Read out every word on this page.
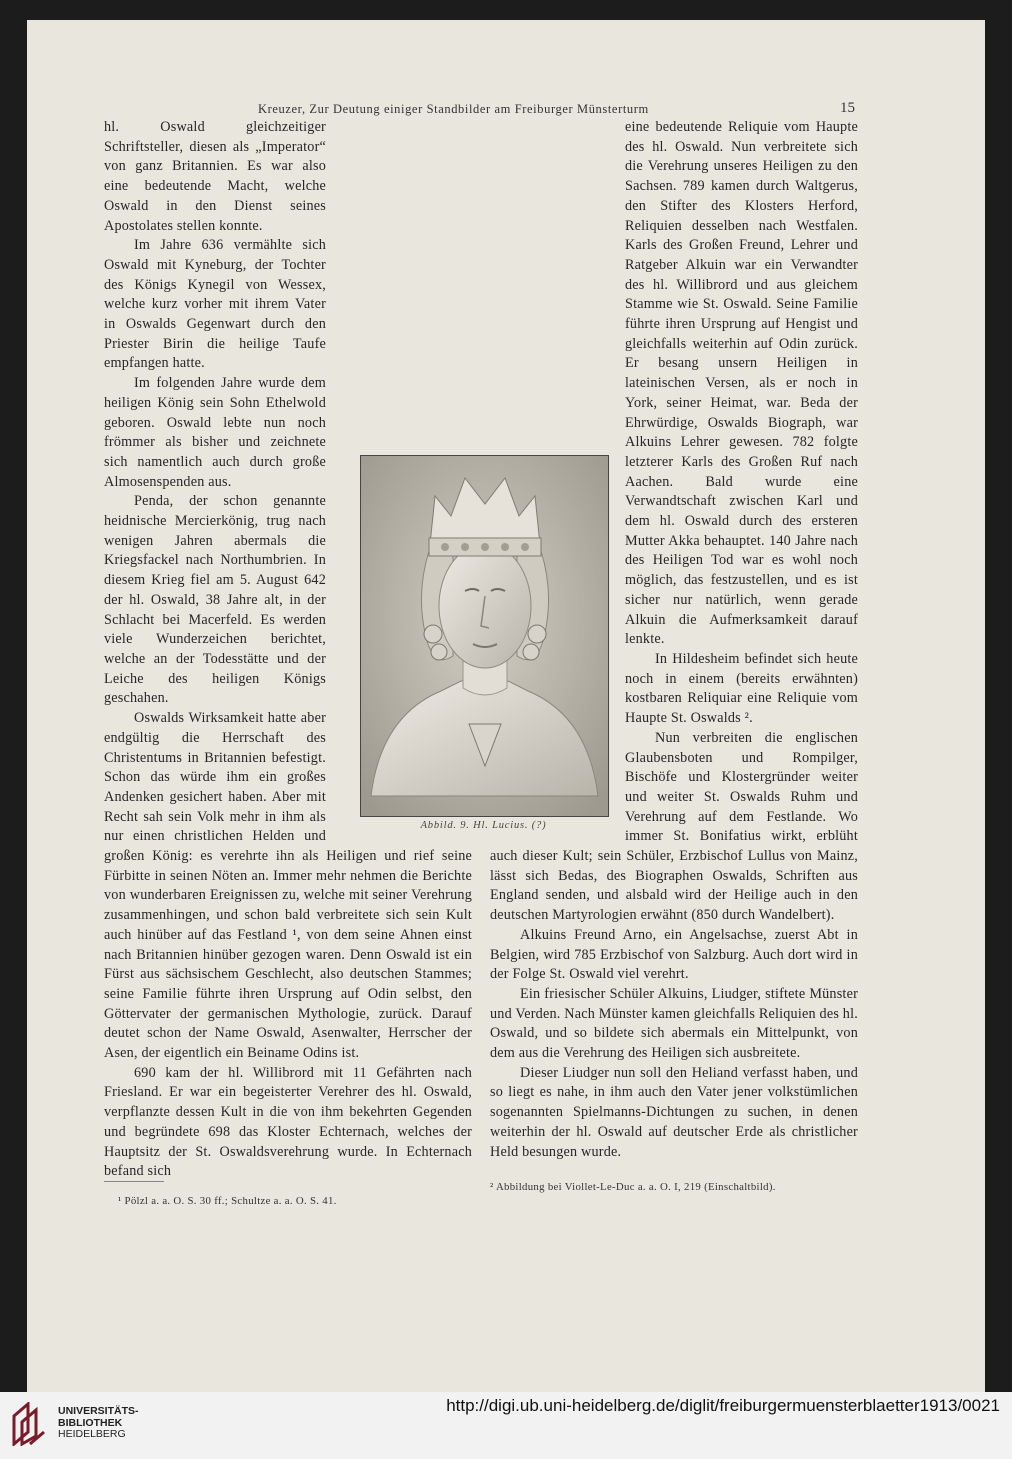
Kreuzer, Zur Deutung einiger Standbilder am Freiburger Münsterturm	15

hl. Oswald gleichzeitiger Schriftsteller, diesen als „Imperator“ von ganz Britannien. Es war also eine bedeutende Macht, welche Oswald in den Dienst seines Apostolates stellen konnte.

Im Jahre 636 vermählte sich Oswald mit Kyneburg, der Tochter des Königs Kynegil von Wessex, welche kurz vorher mit ihrem Vater in Oswalds Gegenwart durch den Priester Birin die heilige Taufe empfangen hatte.

Im folgenden Jahre wurde dem heiligen König sein Sohn Ethelwold geboren. Oswald lebte nun noch frömmer als bisher und zeichnete sich namentlich auch durch große Almosenspenden aus.

Penda, der schon genannte heidnische Mercierkönig, trug nach wenigen Jahren abermals die Kriegsfackel nach Northumbrien. In diesem Krieg fiel am 5. August 642 der hl. Oswald, 38 Jahre alt, in der Schlacht bei Macerfeld. Es werden viele Wunderzeichen berichtet, welche an der Todesstätte und der Leiche des heiligen Königs geschahen.

Oswalds Wirksamkeit hatte aber endgültig die Herrschaft des Christentums in Britannien befestigt. Schon das würde ihm ein großes Andenken gesichert haben. Aber mit Recht sah sein Volk mehr in ihm als nur einen christlichen Helden und großen König: es verehrte ihn als Heiligen und rief seine Fürbitte in seinen Nöten an. Immer mehr nehmen die Berichte von wunderbaren Ereignissen zu, welche mit seiner Verehrung zusammenhingen, und schon bald verbreitete sich sein Kult auch hinüber auf das Festland ¹, von dem seine Ahnen einst nach Britannien hinüber gezogen waren. Denn Oswald ist ein Fürst aus sächsischem Geschlecht, also deutschen Stammes; seine Familie führte ihren Ursprung auf Odin selbst, den Göttervater der germanischen Mythologie, zurück. Darauf deutet schon der Name Oswald, Asenwalter, Herrscher der Asen, der eigentlich ein Beiname Odins ist.

690 kam der hl. Willibrord mit 11 Gefährten nach Friesland. Er war ein begeisterter Verehrer des hl. Oswald, verpflanzte dessen Kult in die von ihm bekehrten Gegenden und begründete 698 das Kloster Echternach, welches der Hauptsitz der St. Oswaldsverehrung wurde. In Echternach befand sich

eine bedeutende Reliquie vom Haupte des hl. Oswald. Nun verbreitete sich die Verehrung unseres Heiligen zu den Sachsen. 789 kamen durch Waltgerus, den Stifter des Klosters Herford, Reliquien desselben nach Westfalen. Karls des Großen Freund, Lehrer und Ratgeber Alkuin war ein Verwandter des hl. Willibrord und aus gleichem Stamme wie St. Oswald. Seine Familie führte ihren Ursprung auf Hengist und gleichfalls weiterhin auf Odin zurück. Er besang unsern Heiligen in lateinischen Versen, als er noch in York, seiner Heimat, war. Beda der Ehrwürdige, Oswalds Biograph, war Alkuins Lehrer gewesen. 782 folgte letzterer Karls des Großen Ruf nach Aachen. Bald wurde eine Verwandtschaft zwischen Karl und dem hl. Oswald durch des ersteren Mutter Akka behauptet. 140 Jahre nach des Heiligen Tod war es wohl noch möglich, das festzustellen, und es ist sicher nur natürlich, wenn gerade Alkuin die Aufmerksamkeit darauf lenkte.

In Hildesheim befindet sich heute noch in einem (bereits erwähnten) kostbaren Reliquiar eine Reliquie vom Haupte St. Oswalds ².

Nun verbreiten die englischen Glaubensboten und Rompilger, Bischöfe und Klostergründer weiter und weiter St. Oswalds Ruhm und Verehrung auf dem Festlande. Wo immer St. Bonifatius wirkt, erblüht auch dieser Kult; sein Schüler, Erzbischof Lullus von Mainz, lässt sich Bedas, des Biographen Oswalds, Schriften aus England senden, und alsbald wird der Heilige auch in den deutschen Martyrologien erwähnt (850 durch Wandelbert).

Alkuins Freund Arno, ein Angelsachse, zuerst Abt in Belgien, wird 785 Erzbischof von Salzburg. Auch dort wird in der Folge St. Oswald viel verehrt.

Ein friesischer Schüler Alkuins, Liudger, stiftete Münster und Verden. Nach Münster kamen gleichfalls Reliquien des hl. Oswald, und so bildete sich abermals ein Mittelpunkt, von dem aus die Verehrung des Heiligen sich ausbreitete.

Dieser Liudger nun soll den Heliand verfasst haben, und so liegt es nahe, in ihm auch den Vater jener volkstümlichen sogenannten Spielmanns-Dichtungen zu suchen, in denen weiterhin der hl. Oswald auf deutscher Erde als christlicher Held besungen wurde.

Abbild. 9. Hl. Lucius. (?)
¹ Pölzl a. a. O. S. 30 ff.; Schultze a. a. O. S. 41.
² Abbildung bei Viollet-Le-Duc a. a. O. I, 219 (Einschaltbild).
UNIVERSITÄTS-
BIBLIOTHEK
HEIDELBERG
http://digi.ub.uni-heidelberg.de/diglit/freiburgermuensterblaetter1913/0021
